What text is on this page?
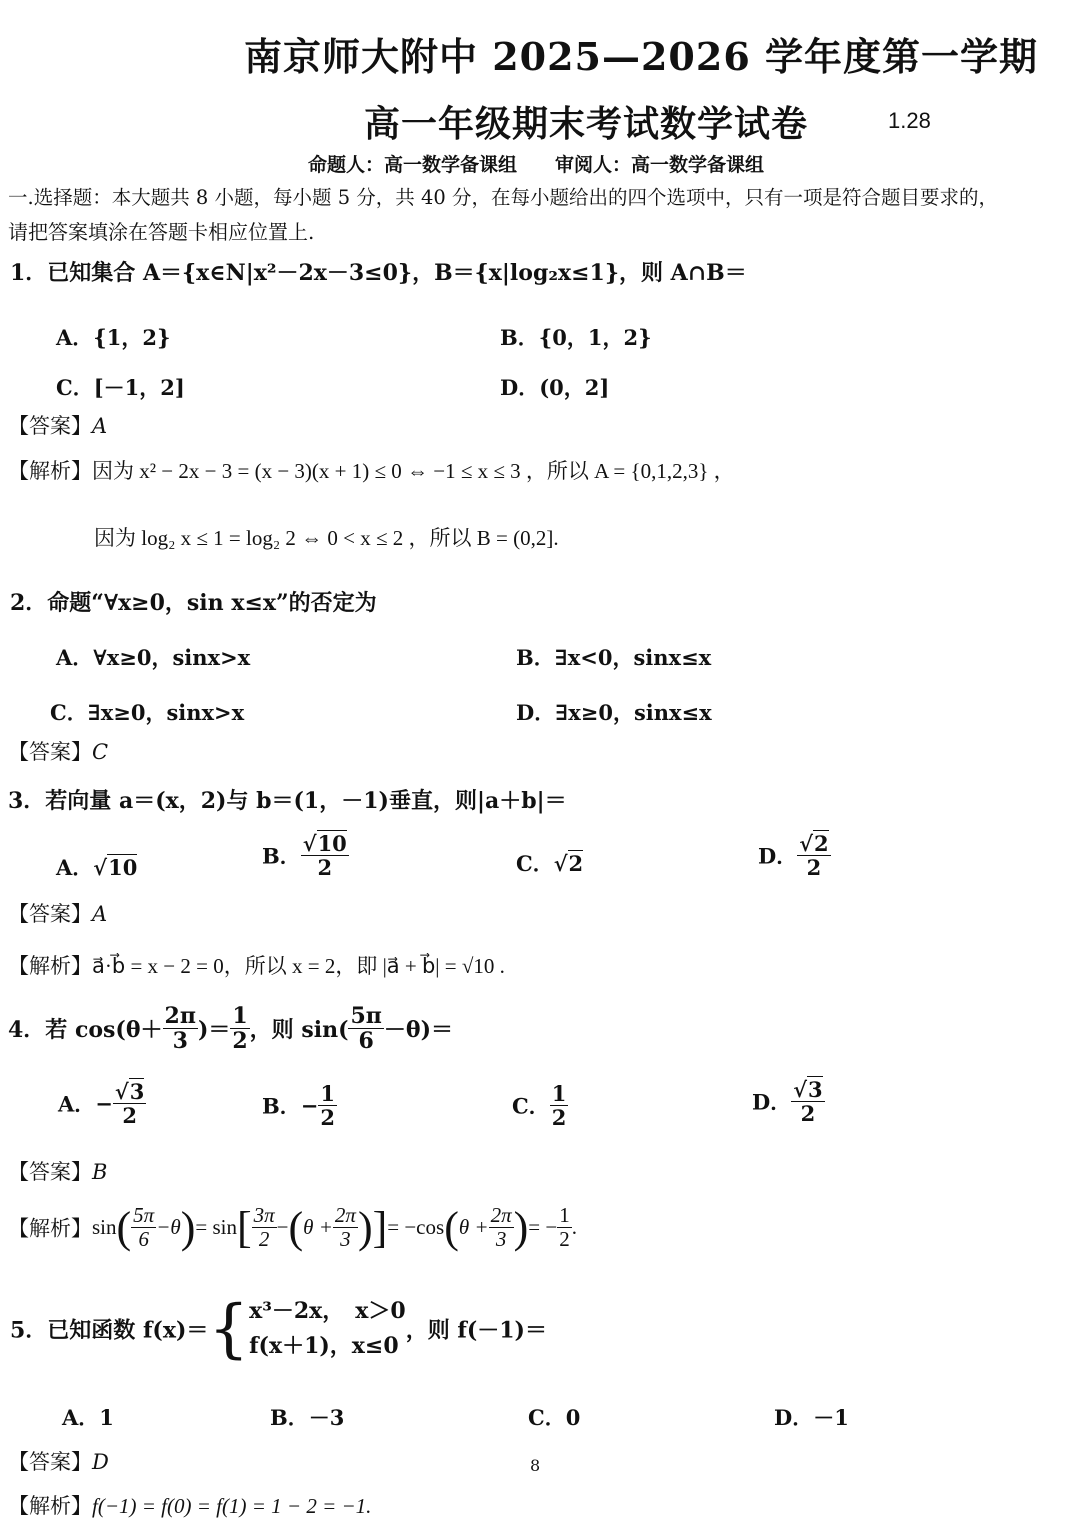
南京师大附中 2025—2026 学年度第一学期
高一年级期末考试数学试卷	1.28
命题人：高一数学备课组　　审阅人：高一数学备课组
一.选择题：本大题共 8 小题，每小题 5 分，共 40 分，在每小题给出的四个选项中，只有一项是符合题目要求的，
请把答案填涂在答题卡相应位置上.
1．已知集合 A＝{x∈N|x²－2x－3≤0}，B＝{x|log₂x≤1}，则 A∩B＝
A．{1，2}	B．{0，1，2}
C．[－1，2]	D．(0，2]
【答案】A
【解析】因为 x² − 2x − 3 = (x − 3)(x + 1) ≤ 0 ⇔ −1 ≤ x ≤ 3 ，所以 A = {0,1,2,3} ，
因为 log₂ x ≤ 1 = log₂ 2 ⇔ 0 < x ≤ 2 ，所以 B = (0,2].
2．命题“∀x≥0，sin x≤x”的否定为
A．∀x≥0，sinx>x	B．∃x<0，sinx≤x
C．∃x≥0，sinx>x	D．∃x≥0，sinx≤x
【答案】C
3．若向量 a＝(x，2)与 b＝(1，－1)垂直，则|a＋b|＝
A．√10	B． $\frac{√10}{2}$	C．√2	D． $\frac{√2}{2}$
【答案】A
【解析】a⃗·b⃗ = x − 2 = 0，所以 x = 2，即 |a⃗ + b⃗| = √10 .
4．若 $\cos(\theta+ \frac{2\pi}{3}$ )＝ $\frac{1}{2}$ ，则 $\sin( \frac{5\pi}{6} -\theta)=$
A．− $\frac{√3}{2}$	B．− $\frac{1}{2}$	C． $\frac{1}{2}$	D． $\frac{√3}{2}$
【答案】B
【解析】$\sin( \frac{5\pi}{6} -\theta)= \sin[ \frac{3\pi}{2} -(\theta + \frac{2\pi}{3}$ )]= $-\cos(\theta + \frac{2\pi}{3}$ )= − $\frac{1}{2}$ .
5．已知函数 f(x)＝{ x³－2x，　x＞0
f(x＋1)，x≤0
，则 f(－1)＝
A．1	B．－3	C．0	D．－1
【答案】D	8
【解析】f(−1) = f(0) = f(1) = 1 − 2 = −1.
